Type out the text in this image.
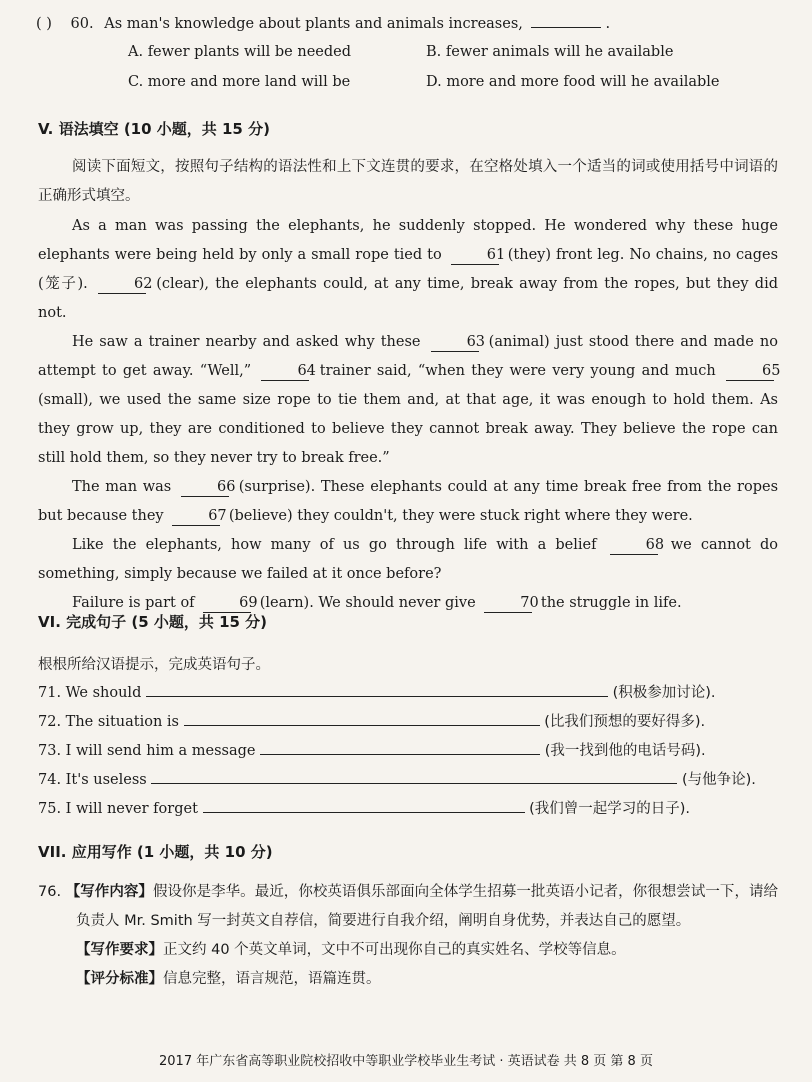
( ) 60. As man's knowledge about plants and animals increases,	.
A. fewer plants will be needed	B. fewer animals will he available
C. more and more land will be	D. more and more food will he available
V. 语法填空 (10 小题，共 15 分)

阅读下面短文，按照句子结构的语法性和上下文连贯的要求，在空格处填入一个适当的词或使用括号中词语的正确形式填空。

As a man was passing the elephants, he suddenly stopped. He wondered why these huge elephants were being held by only a small rope tied to	61 (they) front leg. No chains, no cages (笼子).	62 (clear), the elephants could, at any time, break away from the ropes, but they did not.

He saw a trainer nearby and asked why these	63 (animal) just stood there and made no attempt to get away. “Well,”	64 trainer said, “when they were very young and much	65 (small), we used the same size rope to tie them and, at that age, it was enough to hold them. As they grow up, they are conditioned to believe they cannot break away. They believe the rope can still hold them, so they never try to break free.”

The man was	66 (surprise). These elephants could at any time break free from the ropes but because they	67 (believe) they couldn't, they were stuck right where they were.

Like the elephants, how many of us go through life with a belief	68 we cannot do something, simply because we failed at it once before?

Failure is part of	69 (learn). We should never give	70 the struggle in life.

VI. 完成句子 (5 小题，共 15 分)
根根所给汉语提示，完成英语句子。
71. We should	(积极参加讨论).
72. The situation is	(比我们预想的要好得多).
73. I will send him a message	(我一找到他的电话号码).
74. It's useless	(与他争论).
75. I will never forget	(我们曾一起学习的日子).
VII. 应用写作 (1 小题，共 10 分)

76. 【写作内容】假设你是李华。最近，你校英语俱乐部面向全体学生招募一批英语小记者，你很想尝试一下，请给负责人 Mr. Smith 写一封英文自荐信，简要进行自我介绍，阐明自身优势，并表达自己的愿望。

【写作要求】正文约 40 个英文单词，文中不可出现你自己的真实姓名、学校等信息。

【评分标准】信息完整，语言规范，语篇连贯。

2017 年广东省高等职业院校招收中等职业学校毕业生考试 · 英语试卷 共 8 页 第 8 页
